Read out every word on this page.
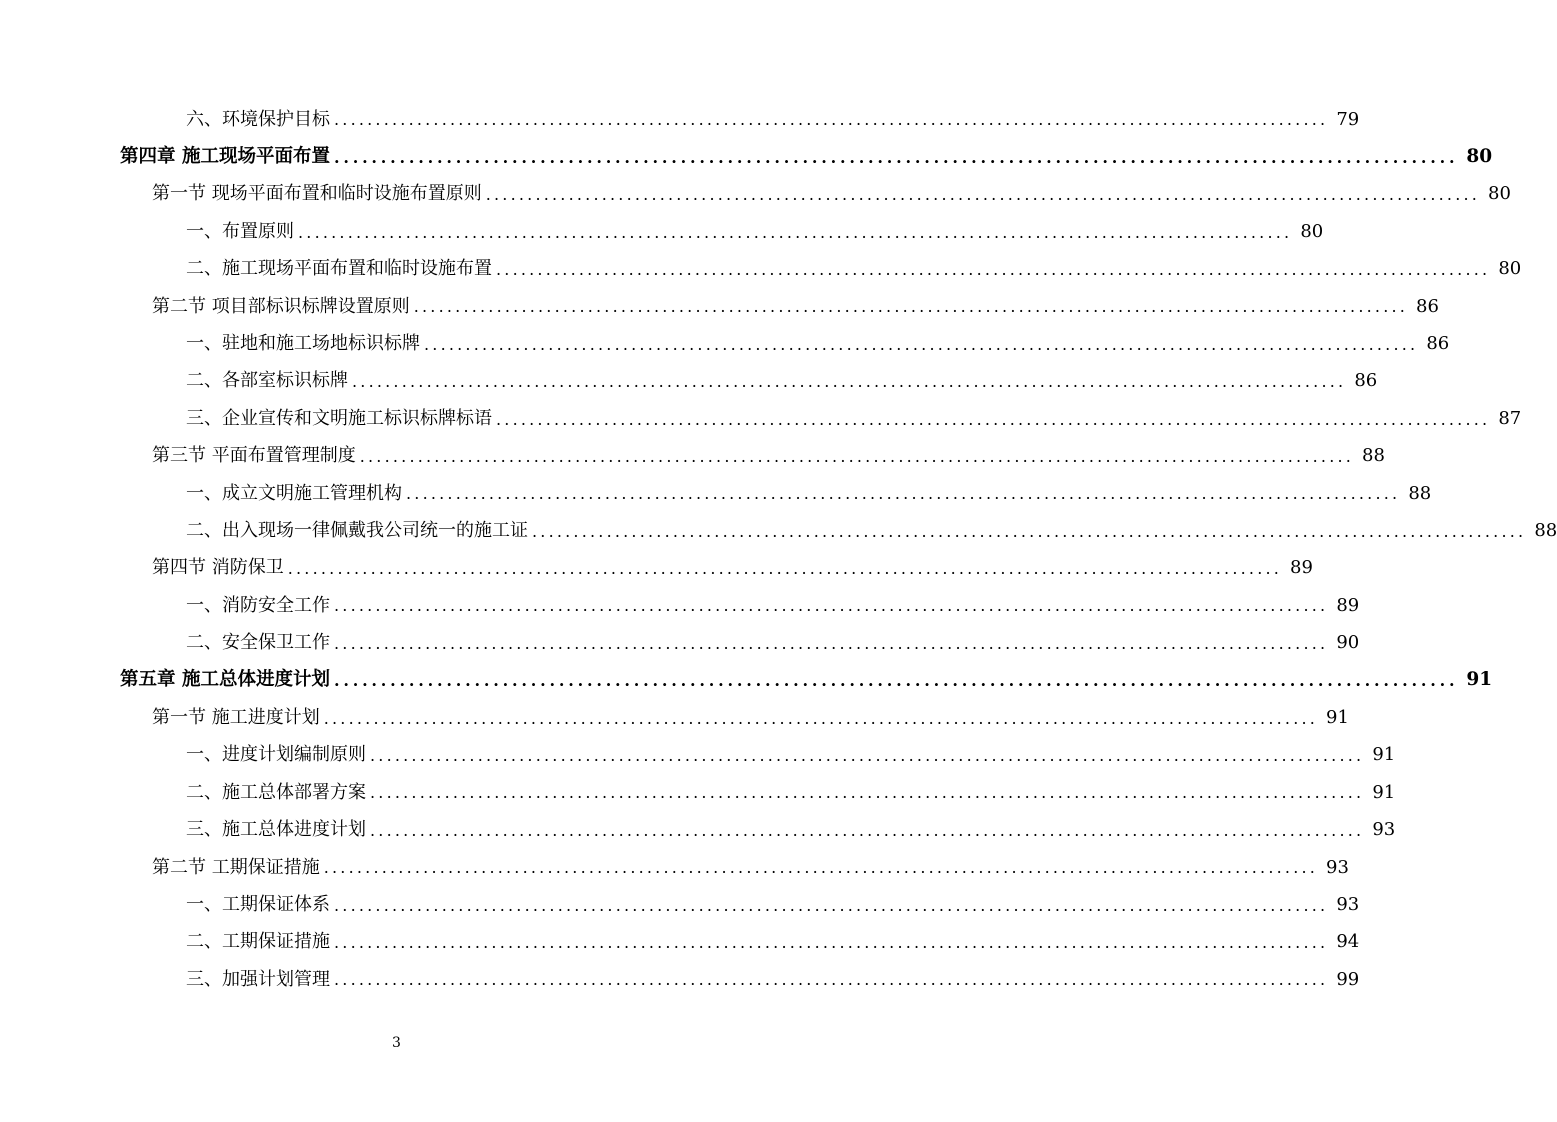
六、环境保护目标 ........................................................................................................................ 79
第四章 施工现场平面布置 ........................................................................................................................ 80
第一节 现场平面布置和临时设施布置原则 ........................................................................................................................ 80
一、布置原则 ........................................................................................................................ 80
二、施工现场平面布置和临时设施布置 ........................................................................................................................ 80
第二节 项目部标识标牌设置原则 ........................................................................................................................ 86
一、驻地和施工场地标识标牌 ........................................................................................................................ 86
二、各部室标识标牌 ........................................................................................................................ 86
三、企业宣传和文明施工标识标牌标语 ........................................................................................................................ 87
第三节 平面布置管理制度 ........................................................................................................................ 88
一、成立文明施工管理机构 ........................................................................................................................ 88
二、出入现场一律佩戴我公司统一的施工证 ........................................................................................................................ 88
第四节 消防保卫 ........................................................................................................................ 89
一、消防安全工作 ........................................................................................................................ 89
二、安全保卫工作 ........................................................................................................................ 90
第五章 施工总体进度计划 ........................................................................................................................ 91
第一节 施工进度计划 ........................................................................................................................ 91
一、进度计划编制原则 ........................................................................................................................ 91
二、施工总体部署方案 ........................................................................................................................ 91
三、施工总体进度计划 ........................................................................................................................ 93
第二节 工期保证措施 ........................................................................................................................ 93
一、工期保证体系 ........................................................................................................................ 93
二、工期保证措施 ........................................................................................................................ 94
三、加强计划管理 ........................................................................................................................ 99
3
